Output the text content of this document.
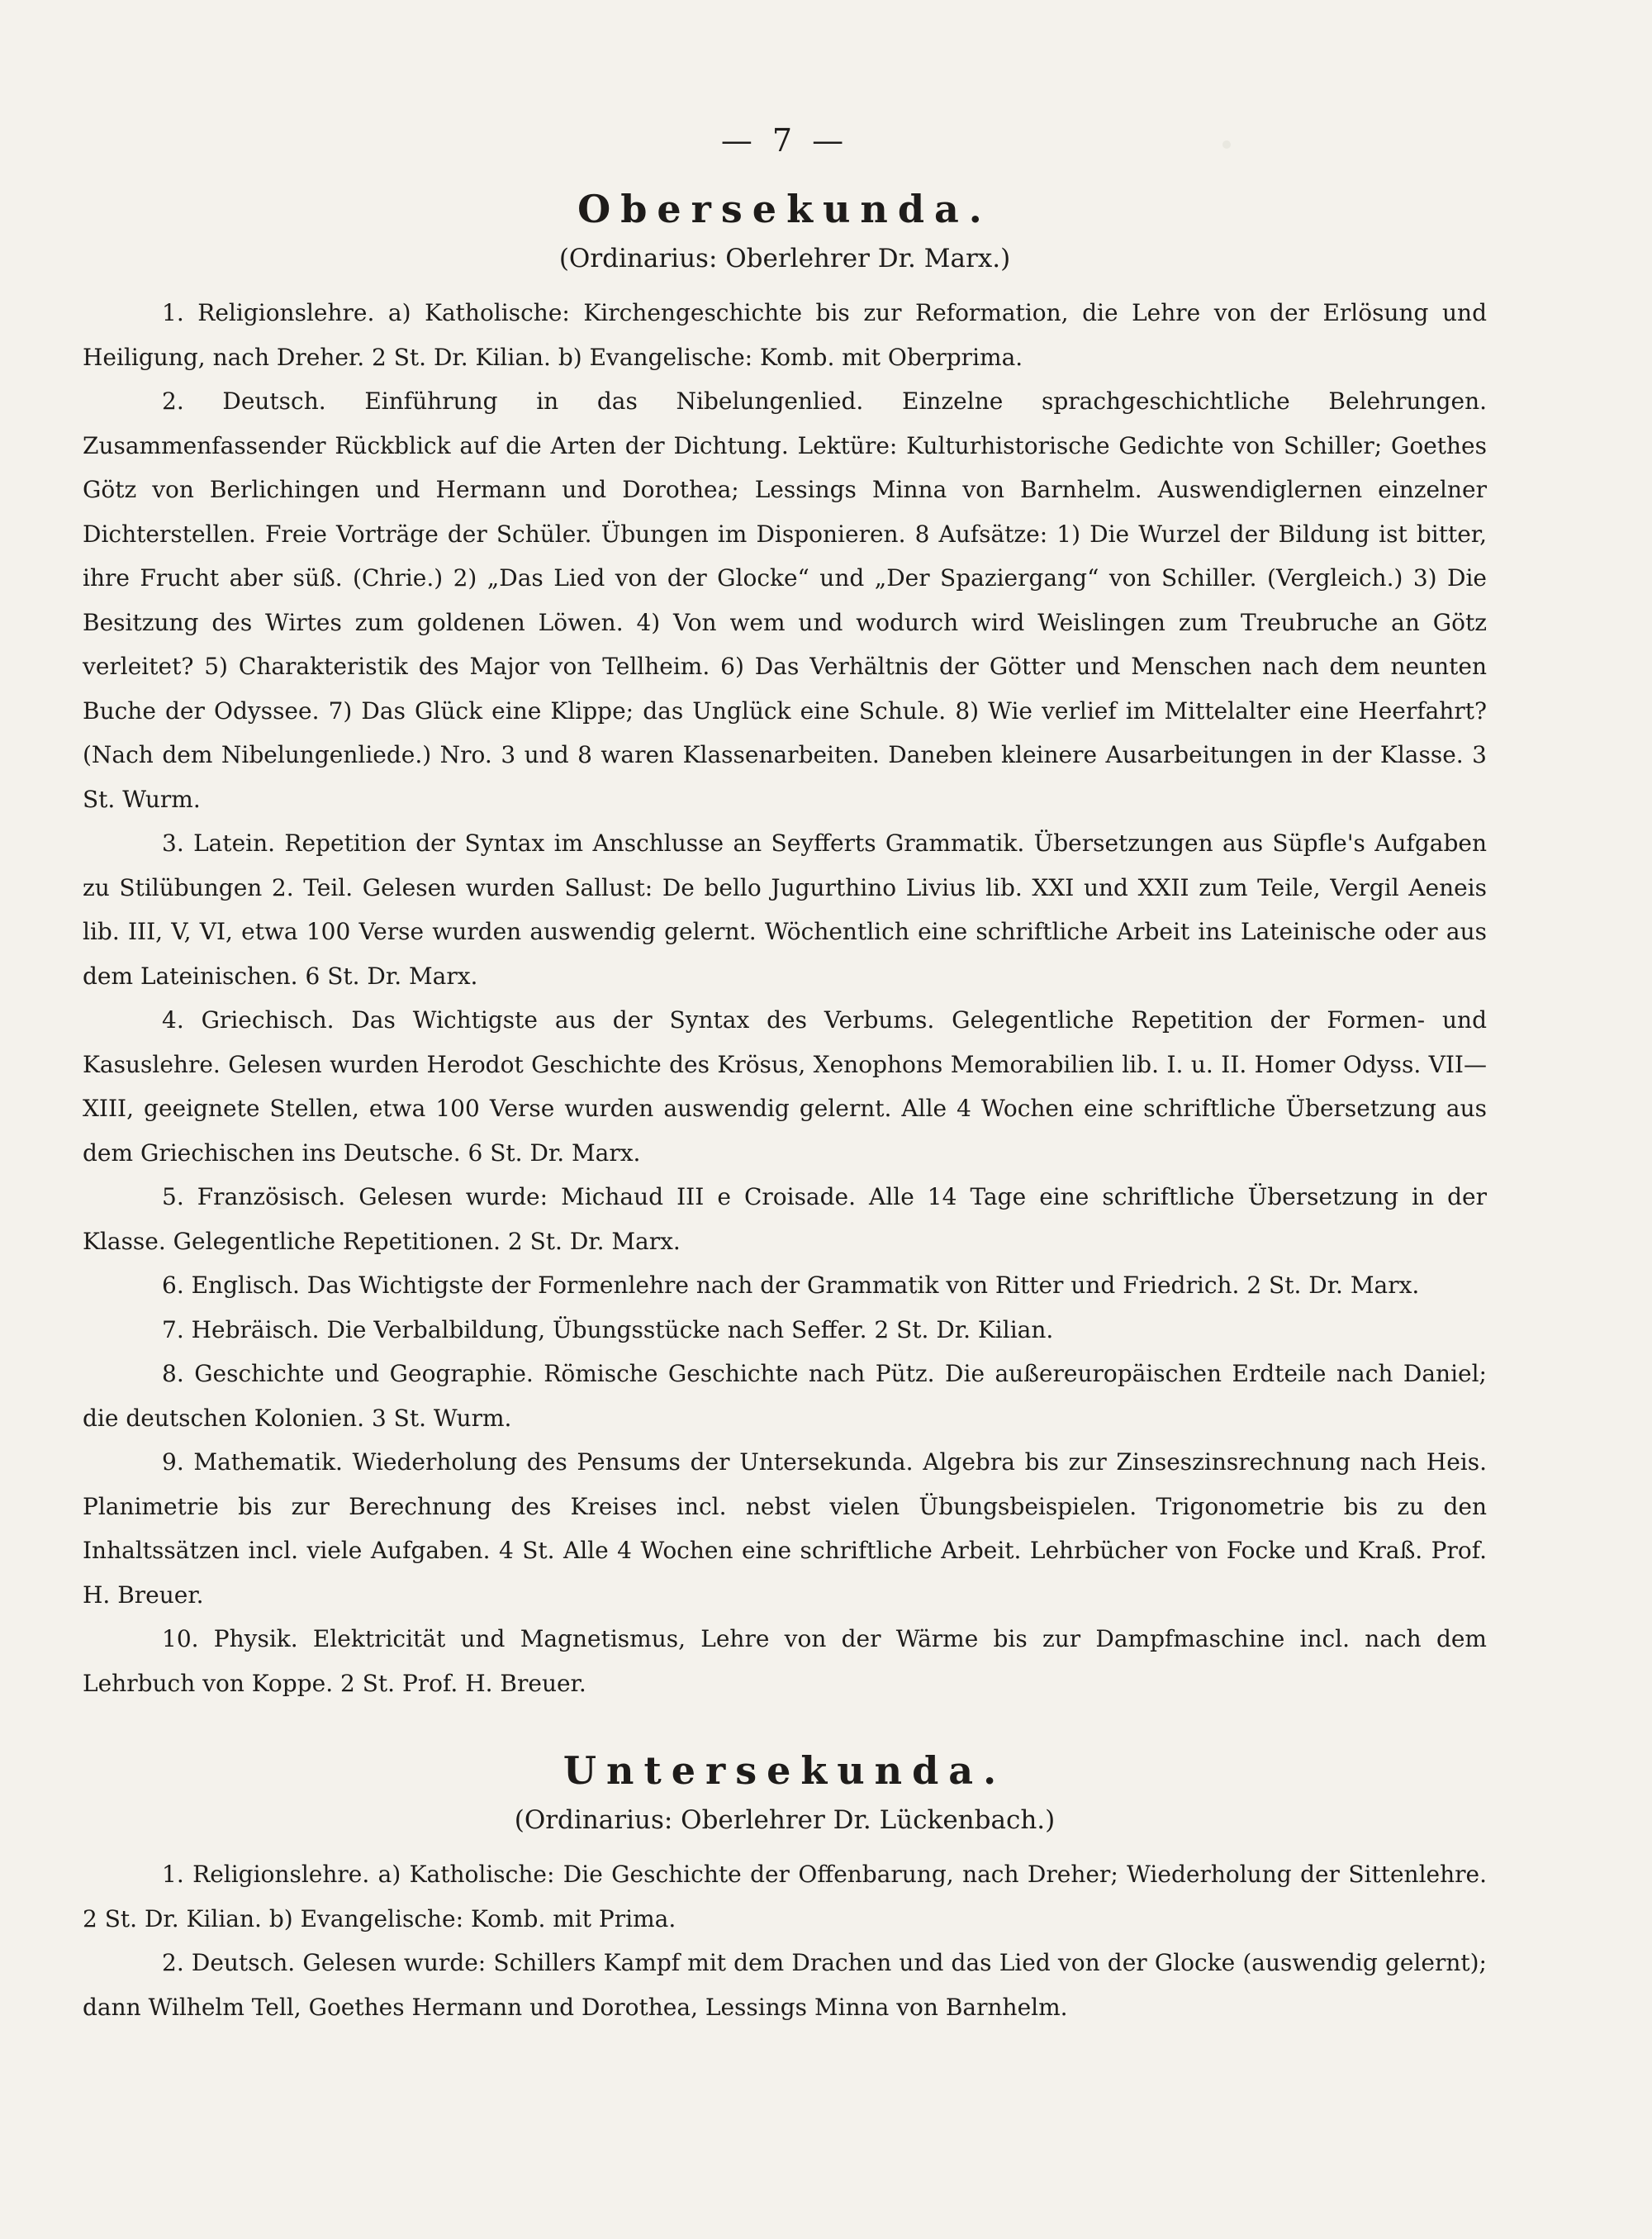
— 7 —
Obersekunda.
(Ordinarius: Oberlehrer Dr. Marx.)

1. Religionslehre. a) Katholische: Kirchengeschichte bis zur Reformation, die Lehre von der Erlösung und Heiligung, nach Dreher. 2 St. Dr. Kilian. b) Evangelische: Komb. mit Oberprima.

2. Deutsch. Einführung in das Nibelungenlied. Einzelne sprachgeschichtliche Belehrungen. Zusammenfassender Rückblick auf die Arten der Dichtung. Lektüre: Kulturhistorische Gedichte von Schiller; Goethes Götz von Berlichingen und Hermann und Dorothea; Lessings Minna von Barnhelm. Auswendiglernen einzelner Dichterstellen. Freie Vorträge der Schüler. Übungen im Disponieren. 8 Aufsätze: 1) Die Wurzel der Bildung ist bitter, ihre Frucht aber süß. (Chrie.) 2) „Das Lied von der Glocke“ und „Der Spaziergang“ von Schiller. (Vergleich.) 3) Die Besitzung des Wirtes zum goldenen Löwen. 4) Von wem und wodurch wird Weislingen zum Treubruche an Götz verleitet? 5) Charakteristik des Major von Tellheim. 6) Das Verhältnis der Götter und Menschen nach dem neunten Buche der Odyssee. 7) Das Glück eine Klippe; das Unglück eine Schule. 8) Wie verlief im Mittelalter eine Heerfahrt? (Nach dem Nibelungenliede.) Nro. 3 und 8 waren Klassenarbeiten. Daneben kleinere Ausarbeitungen in der Klasse. 3 St. Wurm.

3. Latein. Repetition der Syntax im Anschlusse an Seyfferts Grammatik. Übersetzungen aus Süpfle's Aufgaben zu Stilübungen 2. Teil. Gelesen wurden Sallust: De bello Jugurthino Livius lib. XXI und XXII zum Teile, Vergil Aeneis lib. III, V, VI, etwa 100 Verse wurden auswendig gelernt. Wöchentlich eine schriftliche Arbeit ins Lateinische oder aus dem Lateinischen. 6 St. Dr. Marx.

4. Griechisch. Das Wichtigste aus der Syntax des Verbums. Gelegentliche Repetition der Formen- und Kasuslehre. Gelesen wurden Herodot Geschichte des Krösus, Xenophons Memorabilien lib. I. u. II. Homer Odyss. VII—XIII, geeignete Stellen, etwa 100 Verse wurden auswendig gelernt. Alle 4 Wochen eine schriftliche Übersetzung aus dem Griechischen ins Deutsche. 6 St. Dr. Marx.

5. Französisch. Gelesen wurde: Michaud III e Croisade. Alle 14 Tage eine schriftliche Übersetzung in der Klasse. Gelegentliche Repetitionen. 2 St. Dr. Marx.

6. Englisch. Das Wichtigste der Formenlehre nach der Grammatik von Ritter und Friedrich. 2 St. Dr. Marx.

7. Hebräisch. Die Verbalbildung, Übungsstücke nach Seffer. 2 St. Dr. Kilian.

8. Geschichte und Geographie. Römische Geschichte nach Pütz. Die außereuropäischen Erdteile nach Daniel; die deutschen Kolonien. 3 St. Wurm.

9. Mathematik. Wiederholung des Pensums der Untersekunda. Algebra bis zur Zinseszinsrechnung nach Heis. Planimetrie bis zur Berechnung des Kreises incl. nebst vielen Übungsbeispielen. Trigonometrie bis zu den Inhaltssätzen incl. viele Aufgaben. 4 St. Alle 4 Wochen eine schriftliche Arbeit. Lehrbücher von Focke und Kraß. Prof. H. Breuer.

10. Physik. Elektricität und Magnetismus, Lehre von der Wärme bis zur Dampfmaschine incl. nach dem Lehrbuch von Koppe. 2 St. Prof. H. Breuer.

Untersekunda.
(Ordinarius: Oberlehrer Dr. Lückenbach.)

1. Religionslehre. a) Katholische: Die Geschichte der Offenbarung, nach Dreher; Wiederholung der Sittenlehre. 2 St. Dr. Kilian. b) Evangelische: Komb. mit Prima.

2. Deutsch. Gelesen wurde: Schillers Kampf mit dem Drachen und das Lied von der Glocke (auswendig gelernt); dann Wilhelm Tell, Goethes Hermann und Dorothea, Lessings Minna von Barnhelm.
